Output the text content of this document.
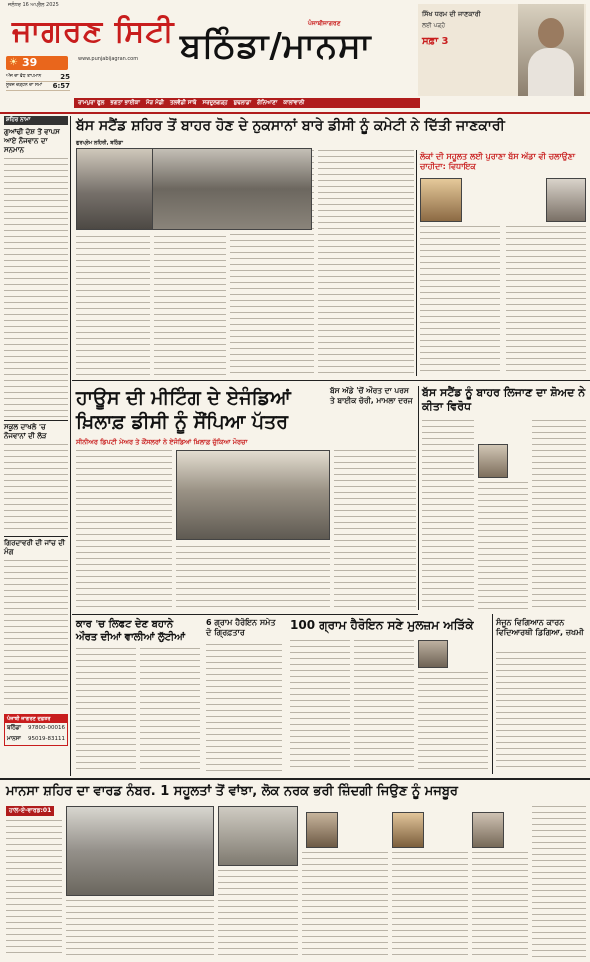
ਜਲੰਧਰ 16 ਅਪ੍ਰੈਲ 2025
ਜਾਗਰਣ ਸਿਟੀ
www.punjabijagran.com
☀ 39
ਅੱਜ ਦਾ ਵੱਧ ਤਾਪਮਾਨ	25
ਸੂਰਜ ਚੜ੍ਹਨ ਦਾ ਸਮਾਂ 6:57
ਪੰਜਾਬੀਜਾਗਰਣ
ਬਠਿੰਡਾ/ਮਾਨਸਾ
ਸਿੱਖ ਧਰਮ ਦੀ ਜਾਣਕਾਰੀ
ਲਈ ਪੜ੍ਹੋ
ਸਫ਼ਾ 3
ਰਾਮਪੁਰਾ ਫੂਲ ਭਗਤਾ ਭਾਈਕਾ ਮੌੜ ਮੰਡੀ ਤਲਵੰਡੀ ਸਾਬੋ ਸਰਦੂਲਗੜ੍ਹ ਬੁਢਲਾਡਾ ਗੋਨਿਆਣਾ ਕਾਲਾਂਵਾਲੀ
ਸ਼ਹਿਰ ਨਾਮਾ
ਗੁਆਂਢੀ ਦੇਸ਼ ਤੋਂ ਵਾਪਸ ਆਏ ਨੌਜਵਾਨ ਦਾ ਸਨਮਾਨ
ਸਕੂਲ ਦਾਖਲੇ 'ਚ ਨੌਜਵਾਨਾਂ ਦੀ ਲੋੜ
ਗਿਰਦਾਵਰੀ ਦੀ ਜਾਂਚ ਦੀ ਮੰਗ
ਪੰਜਾਬੀ ਜਾਗਰਣ ਦਫ਼ਤਰ
ਬਠਿੰਡਾ 97800-00016
ਮਾਨਸਾ 95019-83111
ਬੱਸ ਸਟੈਂਡ ਸ਼ਹਿਰ ਤੋਂ ਬਾਹਰ ਹੋਣ ਦੇ ਨੁਕਸਾਨਾਂ ਬਾਰੇ ਡੀਸੀ ਨੂੰ ਕਮੇਟੀ ਨੇ ਦਿੱਤੀ ਜਾਣਕਾਰੀ
ਗੁਰਪ੍ਰੇਮ ਲਹਿਰੀ, ਬਠਿੰਡਾ
ਲੋਕਾਂ ਦੀ ਸਹੂਲਤ ਲਈ ਪੁਰਾਣਾ ਬੱਸ ਅੱਡਾ ਵੀ ਚਲਾਉਣਾ ਚਾਹੀਦਾ: ਵਿਧਾਇਕ
ਹਾਊਸ ਦੀ ਮੀਟਿੰਗ ਦੇ ਏਜੰਡਿਆਂ ਖ਼ਿਲਾਫ਼ ਡੀਸੀ ਨੂੰ ਸੌਂਪਿਆ ਪੱਤਰ
ਸੀਨੀਅਰ ਡਿਪਟੀ ਮੇਅਰ ਤੇ ਕੌਂਸਲਰਾਂ ਨੇ ਏਜੰਡਿਆਂ ਖ਼ਿਲਾਫ਼ ਚੁੱਕਿਆ ਮੋਰਚਾ
ਬੱਸ ਅੱਡੇ 'ਚੋਂ ਔਰਤ ਦਾ ਪਰਸ ਤੇ ਬਾਈਕ ਚੋਰੀ, ਮਾਮਲਾ ਦਰਜ
ਬੱਸ ਸਟੈਂਡ ਨੂੰ ਬਾਹਰ ਲਿਜਾਣ ਦਾ ਸ਼ੋਅਦ ਨੇ ਕੀਤਾ ਵਿਰੋਧ
ਕਾਰ 'ਚ ਲਿਫਟ ਦੇਣ ਬਹਾਨੇ ਔਰਤ ਦੀਆਂ ਵਾਲੀਆਂ ਲੁੱਟੀਆਂ
6 ਗ੍ਰਾਮ ਹੈਰੋਇਨ ਸਮੇਤ ਦੋ ਗ੍ਰਿਫ਼ਤਾਰ
100 ਗ੍ਰਾਮ ਹੈਰੋਇਨ ਸਣੇ ਮੁਲਜ਼ਮ ਅੜਿੱਕੇ	ਸੰਜੂਨ ਵਿਗਿਆਨ ਕਾਰਨ ਵਿਦਿਆਰਥੀ ਡਿਗਿਆ, ਜ਼ਖਮੀ
ਮਾਨਸਾ ਸ਼ਹਿਰ ਦਾ ਵਾਰਡ ਨੰਬਰ. 1 ਸਹੂਲਤਾਂ ਤੋਂ ਵਾਂਝਾ, ਲੋਕ ਨਰਕ ਭਰੀ ਜ਼ਿੰਦਗੀ ਜਿਉਣ ਨੂੰ ਮਜਬੂਰ
ਹਾਲ-ਏ-ਵਾਰਡ:01
